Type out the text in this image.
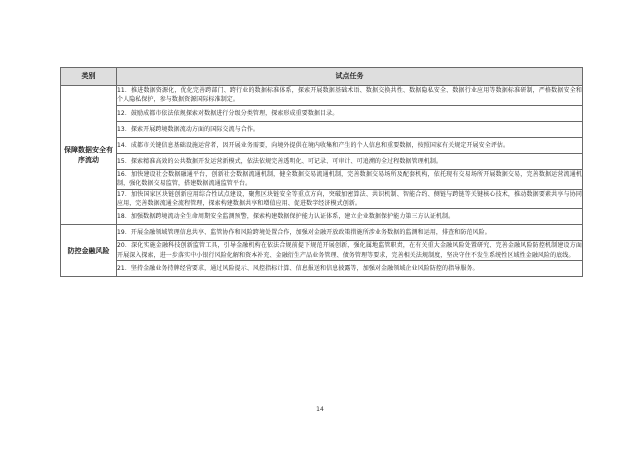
类别	试点任务
保障数据安全有序流动	11．推进数据资源化，优化完善跨部门、跨行业的数据标准体系，探索开展数据基础术语、数据交换共性、数据隐私安全、数据行业应用等数据标准研制，严格数据安全和个人隐私保护，参与数据资源国际标准制定。
	12．鼓励成都市依法依规探索对数据进行分级分类管理，探索形成重要数据目录。
	13．探索开展跨境数据流动方面的国际交流与合作。
	14．成都市关键信息基础设施运营者，因开展业务需要，向境外提供在境内收集和产生的个人信息和重要数据，按照国家有关规定开展安全评估。
	15．探索精准高效的公共数据开发运营新模式，依法依规完善透明化、可记录、可审计、可追溯的全过程数据管理机制。
	16．加快建设社会数据融通平台，创新社会数据流通机制，健全数据交易流通机制，完善数据交易场所及配套机构，依托现有交易场所开展数据交易，完善数据运营流通机制，强化数据交易监管，搭建数据流通监管平台。
	17．加快国家区块链创新应用综合性试点建设，聚焦区块链安全等重点方向，突破加密算法、共识机制、智能合约、侧链与跨链等关键核心技术，推动数据要素共享与协同应用，完善数据流通全流程管理，探索构建数据共享和增值应用、促进数字经济模式创新。
	18．加强数据跨境流动全生命周期安全监测预警，探索构建数据保护能力认证体系，建立企业数据保护能力第三方认证机制。
防控金融风险	19．开展金融领域管理信息共享、监管协作和风险跨境处置合作，加强对金融开放政策措施所涉业务数据的监测和运用，排查和防范风险。
	20．深化实施金融科技创新监管工具，引导金融机构在依法合规前提下规范开展创新，强化属地监管职责，在有关重大金融风险处置研究、完善金融风险防控机制建设方面开展深入探索，进一步落实中小银行风险化解和资本补充、金融衍生产品业务管理、债务管理等要求，完善相关法规制度，坚决守住不发生系统性区域性金融风险的底线。
	21．坚持金融业务持牌经营要求，通过风险提示、风控指标计算、信息报送和信息披露等，加强对金融领域企业风险防控的指导服务。
14
